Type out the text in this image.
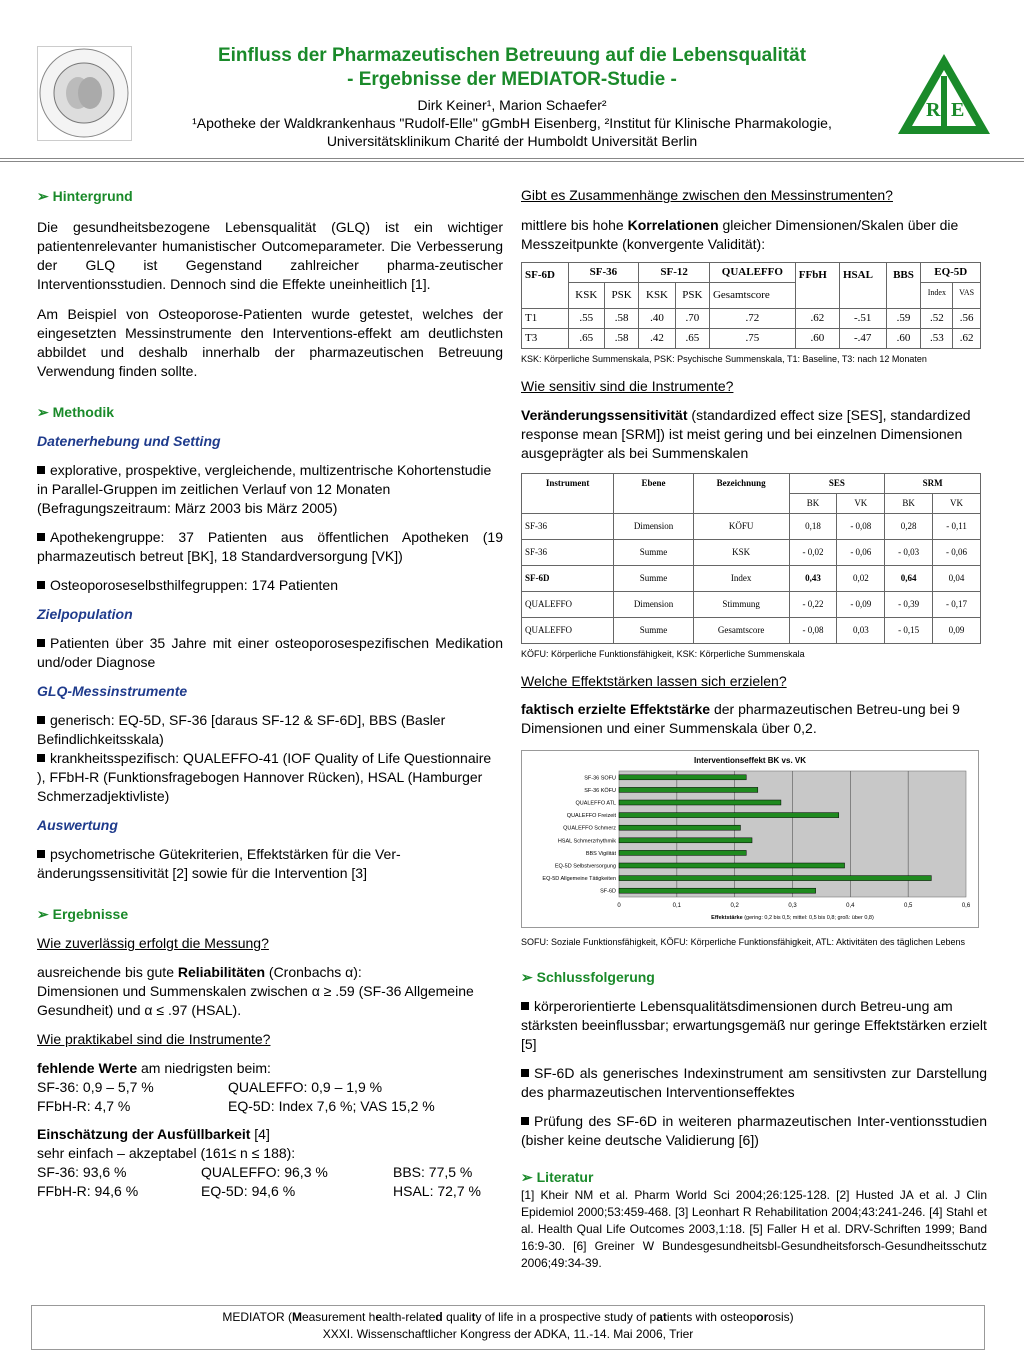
Einfluss der Pharmazeutischen Betreuung auf die Lebensqualität
- Ergebnisse der MEDIATOR-Studie -
Dirk Keiner¹, Marion Schaefer²
¹Apotheke der Waldkrankenhaus "Rudolf-Elle" gGmbH Eisenberg, ²Institut für Klinische Pharmakologie,
Universitätsklinikum Charité der Humboldt Universität Berlin
R E

➢ Hintergrund

Die gesundheitsbezogene Lebensqualität (GLQ) ist ein wichtiger patientenrelevanter humanistischer Outcomeparameter. Die Verbesserung der GLQ ist Gegenstand zahlreicher pharma-zeutischer Interventionsstudien. Dennoch sind die Effekte uneinheitlich [1].

Am Beispiel von Osteoporose-Patienten wurde getestet, welches der eingesetzten Messinstrumente den Interventions-effekt am deutlichsten abbildet und deshalb innerhalb der pharmazeutischen Betreuung Verwendung finden sollte.

➢ Methodik

Datenerhebung und Setting

explorative, prospektive, vergleichende, multizentrische Kohortenstudie in Parallel-Gruppen im zeitlichen Verlauf von 12 Monaten (Befragungszeitraum: März 2003 bis März 2005)

Apothekengruppe: 37 Patienten aus öffentlichen Apotheken (19 pharmazeutisch betreut [BK], 18 Standardversorgung [VK])

Osteoporoseselbsthilfegruppen: 174 Patienten

Zielpopulation

Patienten über 35 Jahre mit einer osteoporosespezifischen Medikation und/oder Diagnose

GLQ-Messinstrumente

generisch: EQ-5D, SF-36 [daraus SF-12 & SF-6D], BBS (Basler Befindlichkeitsskala)

krankheitsspezifisch: QUALEFFO-41 (IOF Quality of Life Questionnaire ), FFbH-R (Funktionsfragebogen Hannover Rücken), HSAL (Hamburger Schmerzadjektivliste)

Auswertung

psychometrische Gütekriterien, Effektstärken für die Ver-änderungssensitivität [2] sowie für die Intervention [3]

➢ Ergebnisse

Wie zuverlässig erfolgt die Messung?

ausreichende bis gute Reliabilitäten (Cronbachs α):
Dimensionen und Summenskalen zwischen α ≥ .59 (SF-36 Allgemeine Gesundheit) und α ≤ .97 (HSAL).

Wie praktikabel sind die Instrumente?

fehlende Werte am niedrigsten beim:

SF-36: 0,9 – 5,7 %	QUALEFFO: 0,9 – 1,9 %
FFbH-R: 4,7 %	EQ-5D: Index 7,6 %; VAS 15,2 %

Einschätzung der Ausfüllbarkeit [4]

sehr einfach – akzeptabel (161≤ n ≤ 188):

SF-36: 93,6 %	QUALEFFO: 96,3 %	BBS: 77,5 %
FFbH-R: 94,6 %	EQ-5D: 94,6 %	HSAL: 72,7 %

Gibt es Zusammenhänge zwischen den Messinstrumenten?

mittlere bis hohe Korrelationen gleicher Dimensionen/Skalen über die Messzeitpunkte (konvergente Validität):

SF-6D	SF-36		SF-12		QUALEFFO	FFbH	HSAL	BBS	EQ-5D	
	KSK	PSK	KSK	PSK	Gesamtscore				Index	VAS
T1	.55	.58	.40	.70	.72	.62	-.51	.59	.52	.56
T3	.65	.58	.42	.65	.75	.60	-.47	.60	.53	.62

KSK: Körperliche Summenskala, PSK: Psychische Summenskala, T1: Baseline, T3: nach 12 Monaten

Wie sensitiv sind die Instrumente?

Veränderungssensitivität (standardized effect size [SES], standardized response mean [SRM]) ist meist gering und bei einzelnen Dimensionen ausgeprägter als bei Summenskalen

Instrument	Ebene	Bezeichnung	SES		SRM	
			BK	VK	BK	VK
SF-36	Dimension	KÖFU	0,18	- 0,08	0,28	- 0,11
SF-36	Summe	KSK	- 0,02	- 0,06	- 0,03	- 0,06
SF-6D	Summe	Index	0,43	0,02	0,64	0,04
QUALEFFO	Dimension	Stimmung	- 0,22	- 0,09	- 0,39	- 0,17
QUALEFFO	Summe	Gesamtscore	- 0,08	0,03	- 0,15	0,09

KÖFU: Körperliche Funktionsfähigkeit, KSK: Körperliche Summenskala

Welche Effektstärken lassen sich erzielen?

faktisch erzielte Effektstärke der pharmazeutischen Betreu-ung bei 9 Dimensionen und einer Summenskala über 0,2.

Interventionseffekt BK vs. VK
0	0,1	0,2	0,3	0,4	0,5	0,6
SF-36 SOFU
SF-36 KÖFU
QUALEFFO ATL
QUALEFFO Freizeit
QUALEFFO Schmerz
HSAL Schmerzrhythmik
BBS Vigilität
EQ-5D Selbstversorgung
EQ-5D Allgemeine Tätigkeiten
SF-6D
Effektstärke (gering: 0,2 bis 0,5; mittel: 0,5 bis 0,8; groß: über 0,8)

SOFU: Soziale Funktionsfähigkeit, KÖFU: Körperliche Funktionsfähigkeit, ATL: Aktivitäten des täglichen Lebens

➢ Schlussfolgerung

körperorientierte Lebensqualitätsdimensionen durch Betreu-ung am stärksten beeinflussbar; erwartungsgemäß nur geringe Effektstärken erzielt [5]

SF-6D als generisches Indexinstrument am sensitivsten zur Darstellung des pharmazeutischen Interventionseffektes

Prüfung des SF-6D in weiteren pharmazeutischen Inter-ventionsstudien (bisher keine deutsche Validierung [6])

➢ Literatur

[1] Kheir NM et al. Pharm World Sci 2004;26:125-128. [2] Husted JA et al. J Clin Epidemiol 2000;53:459-468. [3] Leonhart R Rehabilitation 2004;43:241-246. [4] Stahl et al. Health Qual Life Outcomes 2003,1:18. [5] Faller H et al. DRV-Schriften 1999; Band 16:9-30. [6] Greiner W Bundesgesundheitsbl-Gesundheitsforsch-Gesundheitsschutz 2006;49:34-39.

MEDIATOR (Measurement health-related quality of life in a prospective study of patients with osteoporosis)
XXXI. Wissenschaftlicher Kongress der ADKA, 11.-14. Mai 2006, Trier
